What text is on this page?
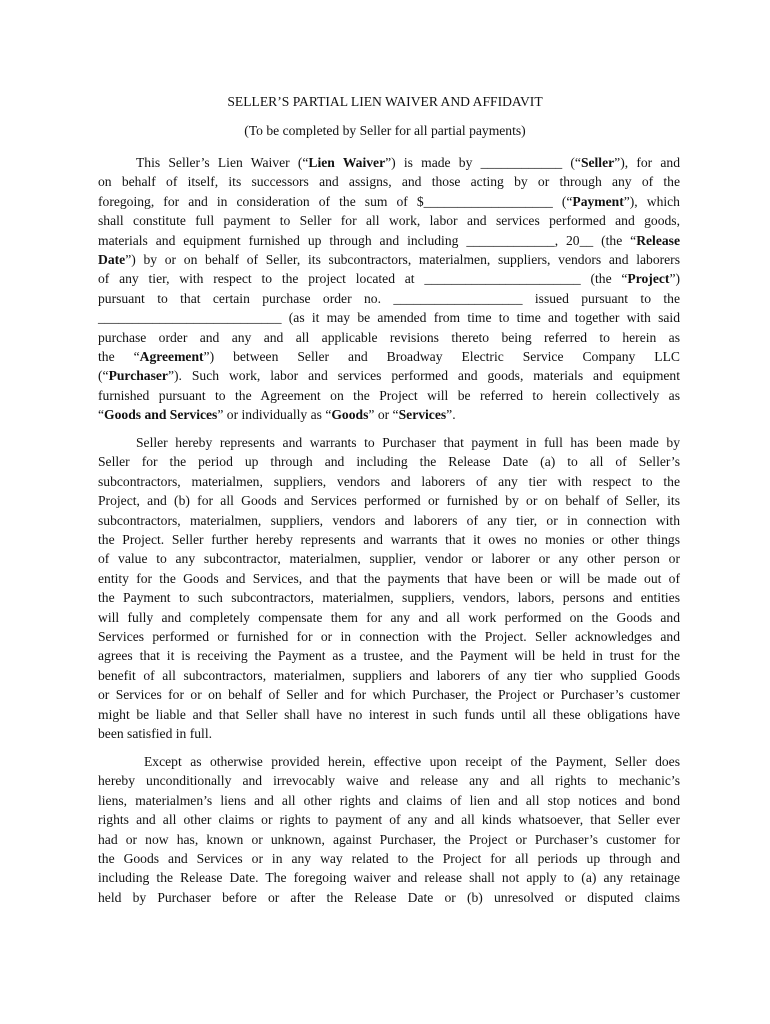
SELLER’S PARTIAL LIEN WAIVER AND AFFIDAVIT
(To be completed by Seller for all partial payments)
This Seller’s Lien Waiver (“Lien Waiver”) is made by ____________ (“Seller”), for and
on behalf of itself, its successors and assigns, and those acting by or through any of the
foregoing, for and in consideration of the sum of $___________________ (“Payment”), which
shall constitute full payment to Seller for all work, labor and services performed and goods,
materials and equipment furnished up through and including _____________, 20__ (the “Release
Date”) by or on behalf of Seller, its subcontractors, materialmen, suppliers, vendors and laborers
of any tier, with respect to the project located at _______________________ (the “Project”)
pursuant to that certain purchase order no. ___________________ issued pursuant to the
___________________________ (as it may be amended from time to time and together with said
purchase order and any and all applicable revisions thereto being referred to herein as
the “Agreement”) between Seller and Broadway Electric Service Company LLC
(“Purchaser”). Such work, labor and services performed and goods, materials and equipment
furnished pursuant to the Agreement on the Project will be referred to herein collectively as
“Goods and Services” or individually as “Goods” or “Services”.
Seller hereby represents and warrants to Purchaser that payment in full has been made by
Seller for the period up through and including the Release Date (a) to all of Seller’s
subcontractors, materialmen, suppliers, vendors and laborers of any tier with respect to the
Project, and (b) for all Goods and Services performed or furnished by or on behalf of Seller, its
subcontractors, materialmen, suppliers, vendors and laborers of any tier, or in connection with
the Project. Seller further hereby represents and warrants that it owes no monies or other things
of value to any subcontractor, materialmen, supplier, vendor or laborer or any other person or
entity for the Goods and Services, and that the payments that have been or will be made out of
the Payment to such subcontractors, materialmen, suppliers, vendors, labors, persons and entities
will fully and completely compensate them for any and all work performed on the Goods and
Services performed or furnished for or in connection with the Project. Seller acknowledges and
agrees that it is receiving the Payment as a trustee, and the Payment will be held in trust for the
benefit of all subcontractors, materialmen, suppliers and laborers of any tier who supplied Goods
or Services for or on behalf of Seller and for which Purchaser, the Project or Purchaser’s customer
might be liable and that Seller shall have no interest in such funds until all these obligations have
been satisfied in full.
Except as otherwise provided herein, effective upon receipt of the Payment, Seller does
hereby unconditionally and irrevocably waive and release any and all rights to mechanic’s
liens, materialmen’s liens and all other rights and claims of lien and all stop notices and bond
rights and all other claims or rights to payment of any and all kinds whatsoever, that Seller ever
had or now has, known or unknown, against Purchaser, the Project or Purchaser’s customer for
the Goods and Services or in any way related to the Project for all periods up through and
including the Release Date. The foregoing waiver and release shall not apply to (a) any retainage
held by Purchaser before or after the Release Date or (b) unresolved or disputed claims
